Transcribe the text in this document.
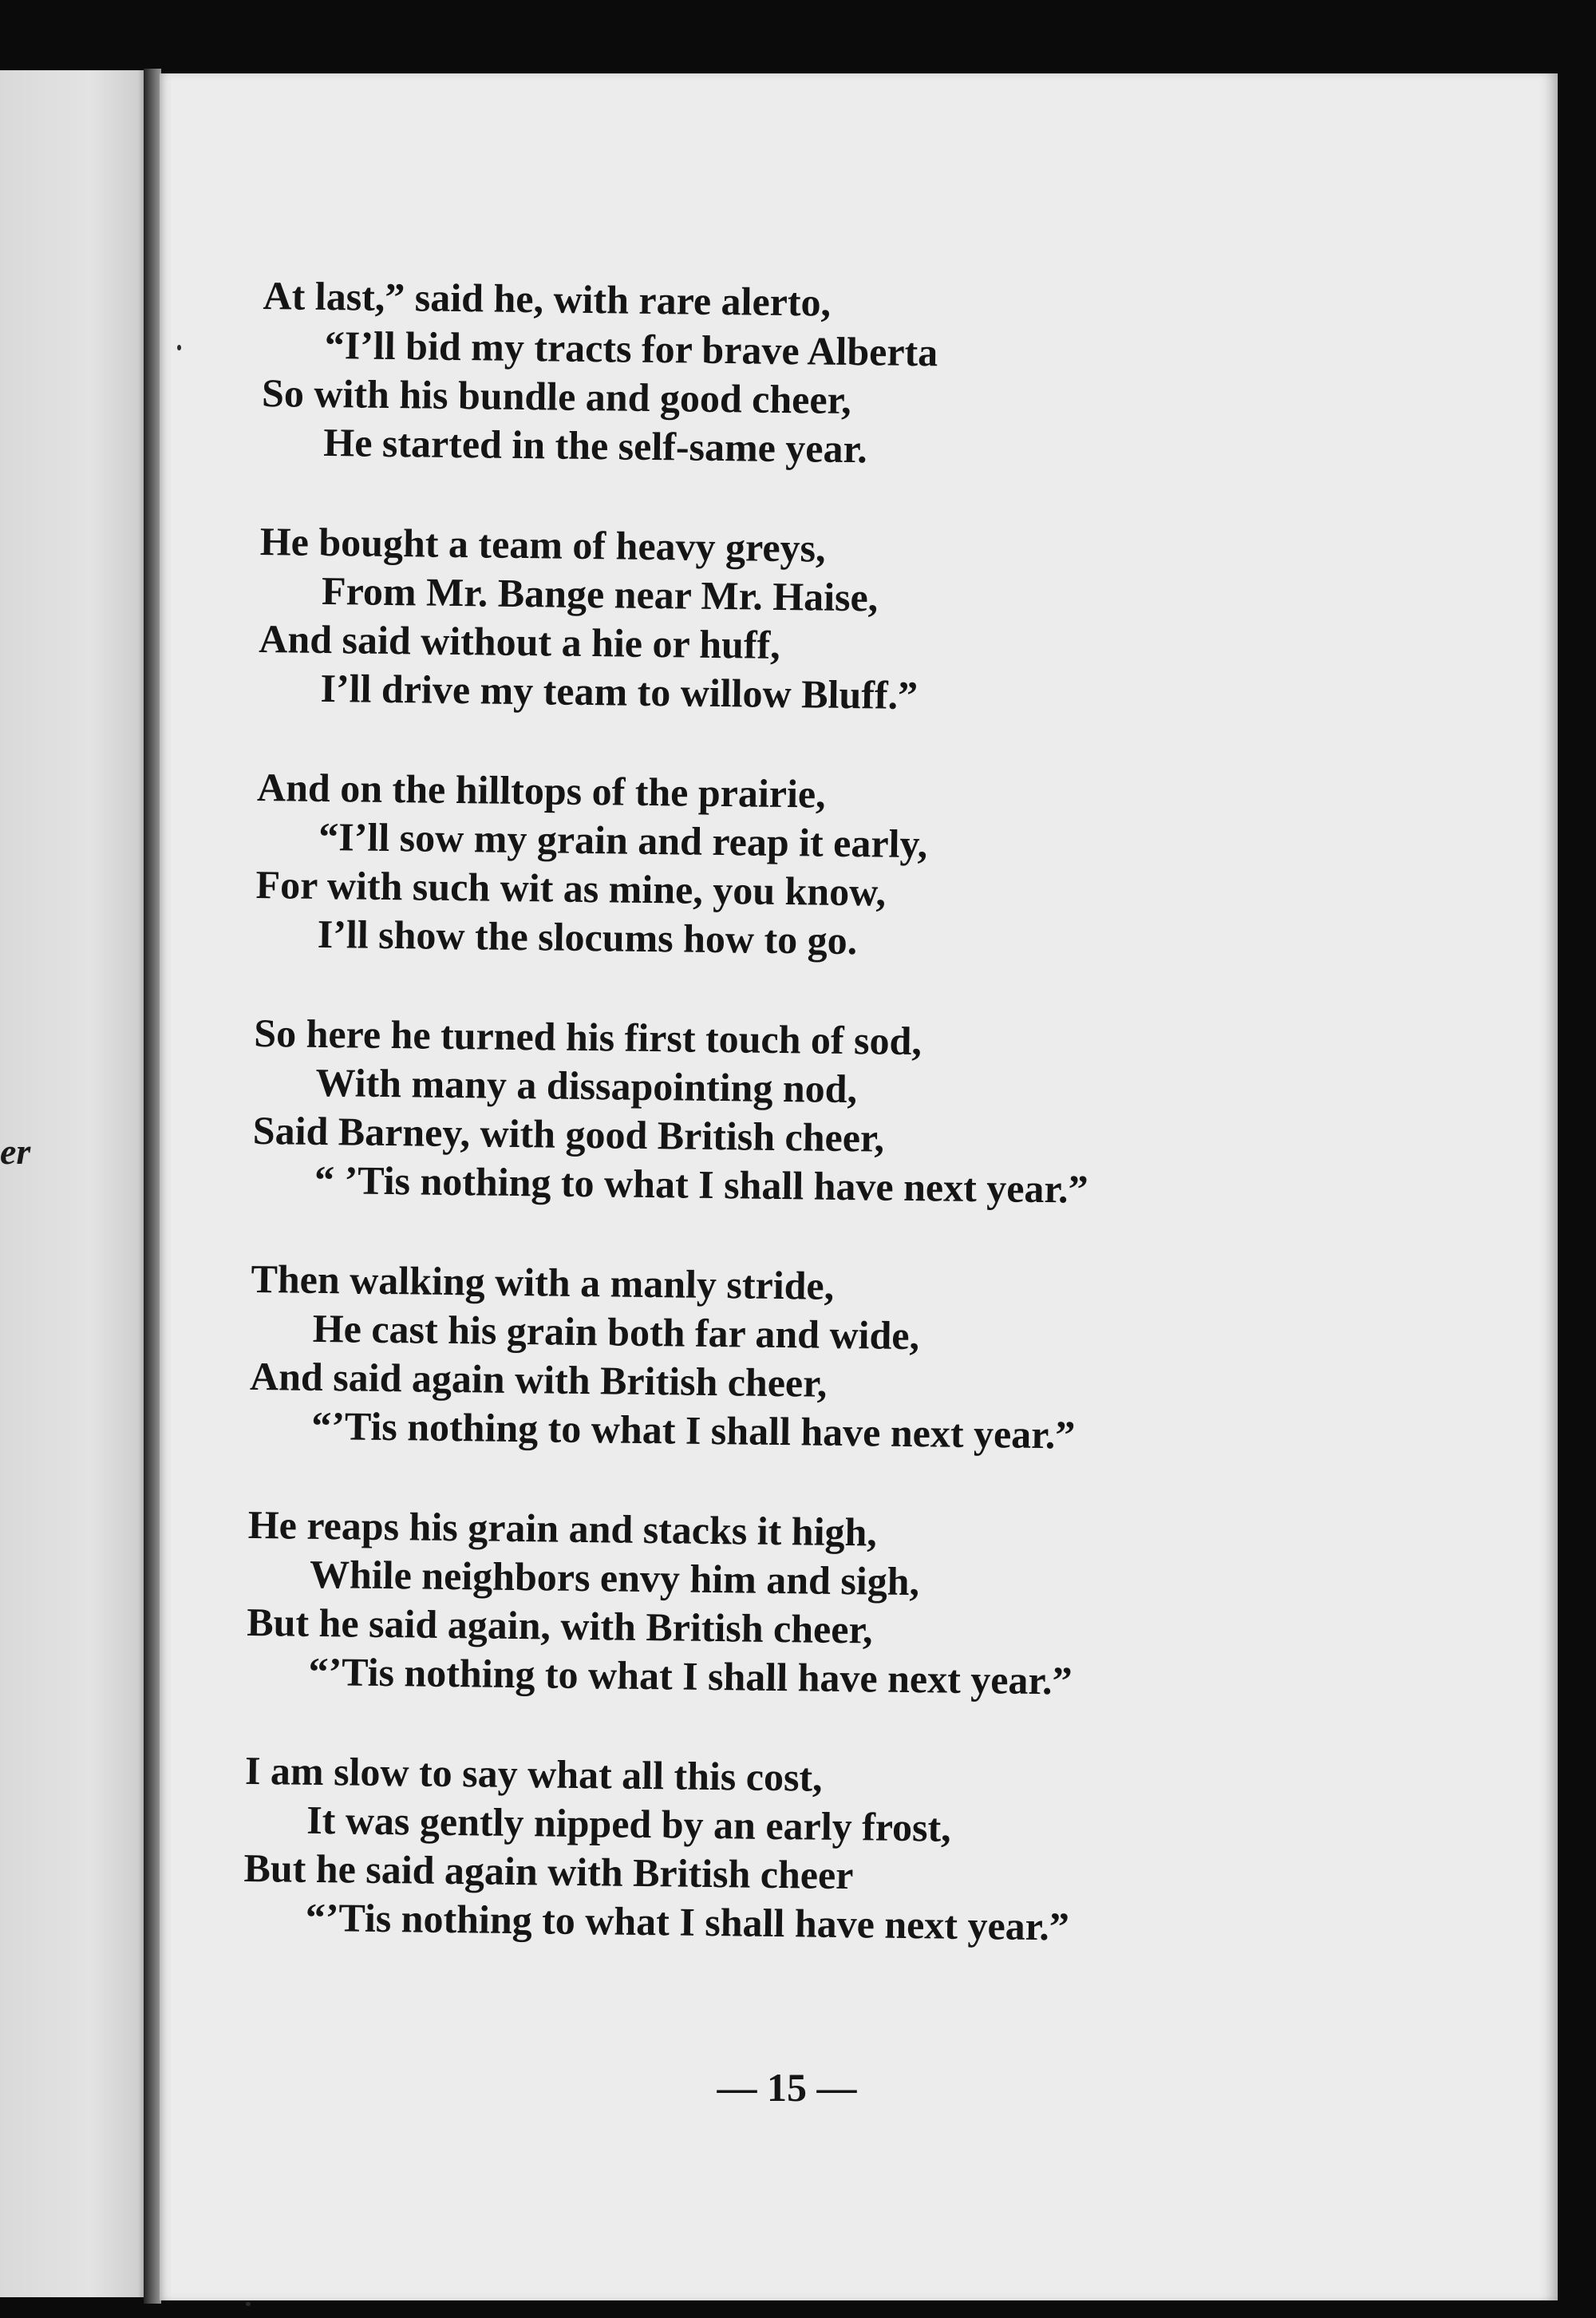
er
At last,” said he, with rare alerto,
“I’ll bid my tracts for brave Alberta
So with his bundle and good cheer,
He started in the self-same year.
He bought a team of heavy greys,
From Mr. Bange near Mr. Haise,
And said without a hie or huff,
I’ll drive my team to willow Bluff.”
And on the hilltops of the prairie,
“I’ll sow my grain and reap it early,
For with such wit as mine, you know,
I’ll show the slocums how to go.
So here he turned his first touch of sod,
With many a dissapointing nod,
Said Barney, with good British cheer,
“ ’Tis nothing to what I shall have next year.”
Then walking with a manly stride,
He cast his grain both far and wide,
And said again with British cheer,
“’Tis nothing to what I shall have next year.”
He reaps his grain and stacks it high,
While neighbors envy him and sigh,
But he said again, with British cheer,
“’Tis nothing to what I shall have next year.”
I am slow to say what all this cost,
It was gently nipped by an early frost,
But he said again with British cheer
“’Tis nothing to what I shall have next year.”
— 15 —
